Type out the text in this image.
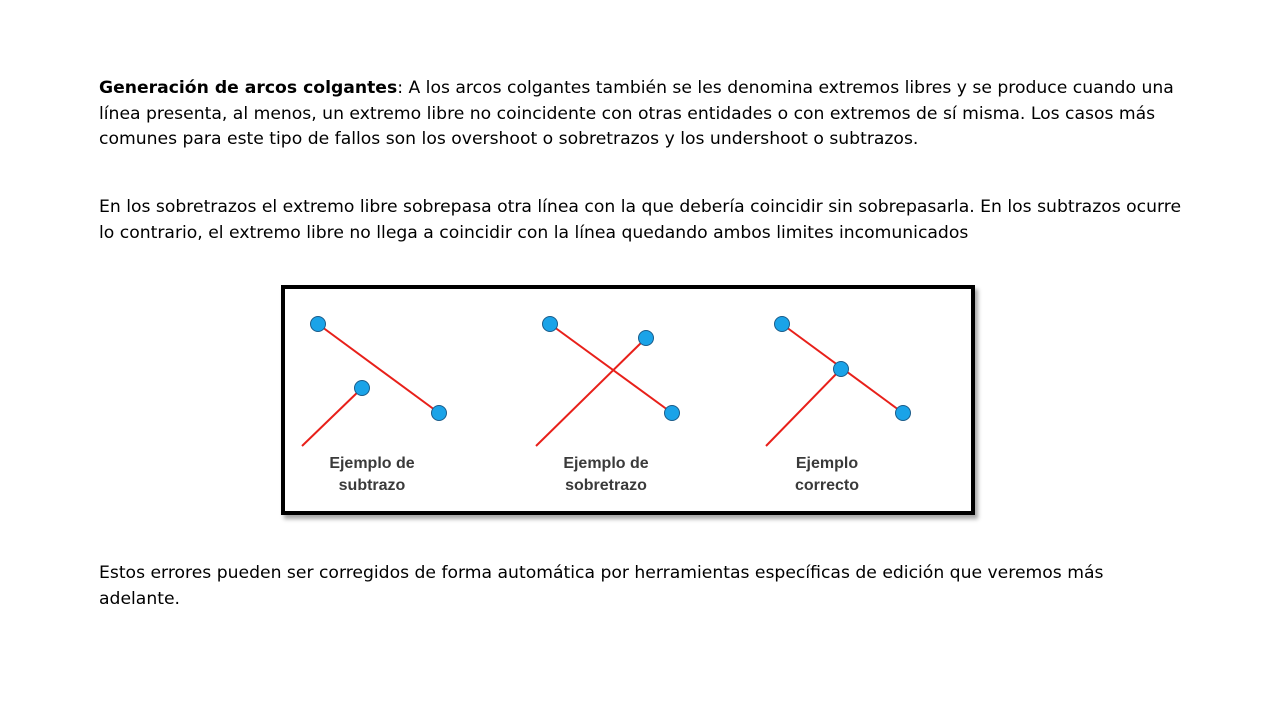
Generación de arcos colgantes: A los arcos colgantes también se les denomina extremos libres y se produce cuando una línea presenta, al menos, un extremo libre no coincidente con otras entidades o con extremos de sí misma. Los casos más comunes para este tipo de fallos son los overshoot o sobretrazos y los undershoot o subtrazos.

En los sobretrazos el extremo libre sobrepasa otra línea con la que debería coincidir sin sobrepasarla. En los subtrazos ocurre lo contrario, el extremo libre no llega a coincidir con la línea quedando ambos limites incomunicados

Ejemplo de
subtrazo
Ejemplo de
sobretrazo
Ejemplo
correcto

Estos errores pueden ser corregidos de forma automática por herramientas específicas de edición que veremos más adelante.
